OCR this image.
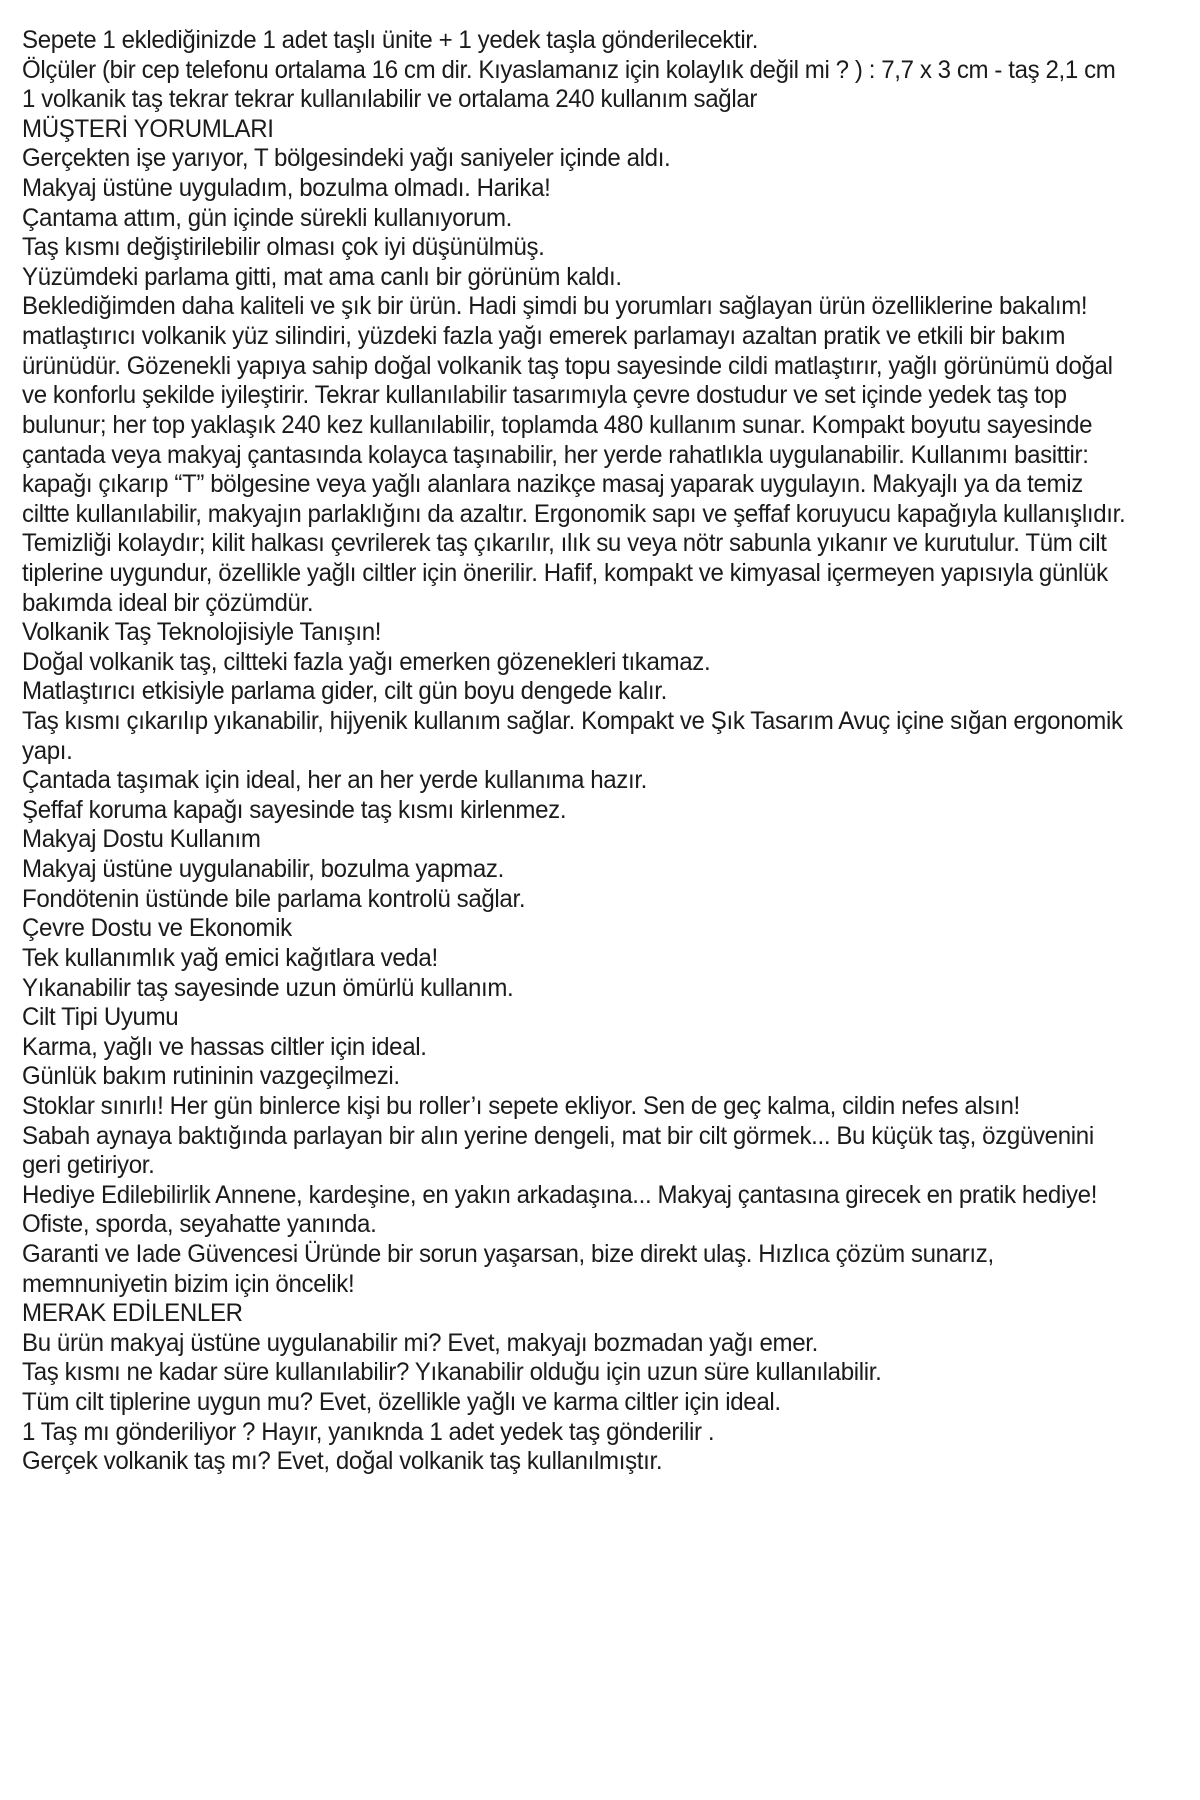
Sepete 1 eklediğinizde 1 adet taşlı ünite + 1 yedek taşla gönderilecektir.

Ölçüler (bir cep telefonu ortalama 16 cm dir. Kıyaslamanız için kolaylık değil mi ? ) : 7,7 x 3 cm - taş 2,1 cm

1 volkanik taş tekrar tekrar kullanılabilir ve ortalama 240 kullanım sağlar

MÜŞTERİ YORUMLARI

Gerçekten işe yarıyor, T bölgesindeki yağı saniyeler içinde aldı.

Makyaj üstüne uyguladım, bozulma olmadı. Harika!

Çantama attım, gün içinde sürekli kullanıyorum.

Taş kısmı değiştirilebilir olması çok iyi düşünülmüş.

Yüzümdeki parlama gitti, mat ama canlı bir görünüm kaldı.

Beklediğimden daha kaliteli ve şık bir ürün. Hadi şimdi bu yorumları sağlayan ürün özelliklerine bakalım!

matlaştırıcı volkanik yüz silindiri, yüzdeki fazla yağı emerek parlamayı azaltan pratik ve etkili bir bakım ürünüdür. Gözenekli yapıya sahip doğal volkanik taş topu sayesinde cildi matlaştırır, yağlı görünümü doğal ve konforlu şekilde iyileştirir. Tekrar kullanılabilir tasarımıyla çevre dostudur ve set içinde yedek taş top bulunur; her top yaklaşık 240 kez kullanılabilir, toplamda 480 kullanım sunar. Kompakt boyutu sayesinde çantada veya makyaj çantasında kolayca taşınabilir, her yerde rahatlıkla uygulanabilir. Kullanımı basittir: kapağı çıkarıp “T” bölgesine veya yağlı alanlara nazikçe masaj yaparak uygulayın. Makyajlı ya da temiz ciltte kullanılabilir, makyajın parlaklığını da azaltır. Ergonomik sapı ve şeffaf koruyucu kapağıyla kullanışlıdır. Temizliği kolaydır; kilit halkası çevrilerek taş çıkarılır, ılık su veya nötr sabunla yıkanır ve kurutulur. Tüm cilt tiplerine uygundur, özellikle yağlı ciltler için önerilir. Hafif, kompakt ve kimyasal içermeyen yapısıyla günlük bakımda ideal bir çözümdür.

Volkanik Taş Teknolojisiyle Tanışın!

Doğal volkanik taş, ciltteki fazla yağı emerken gözenekleri tıkamaz.

Matlaştırıcı etkisiyle parlama gider, cilt gün boyu dengede kalır.

Taş kısmı çıkarılıp yıkanabilir, hijyenik kullanım sağlar. Kompakt ve Şık Tasarım Avuç içine sığan ergonomik yapı.

Çantada taşımak için ideal, her an her yerde kullanıma hazır.

Şeffaf koruma kapağı sayesinde taş kısmı kirlenmez.

Makyaj Dostu Kullanım

Makyaj üstüne uygulanabilir, bozulma yapmaz.

Fondötenin üstünde bile parlama kontrolü sağlar.

Çevre Dostu ve Ekonomik

Tek kullanımlık yağ emici kağıtlara veda!

Yıkanabilir taş sayesinde uzun ömürlü kullanım.

Cilt Tipi Uyumu

Karma, yağlı ve hassas ciltler için ideal.

Günlük bakım rutininin vazgeçilmezi.

Stoklar sınırlı! Her gün binlerce kişi bu roller’ı sepete ekliyor. Sen de geç kalma, cildin nefes alsın!

Sabah aynaya baktığında parlayan bir alın yerine dengeli, mat bir cilt görmek... Bu küçük taş, özgüvenini geri getiriyor.

Hediye Edilebilirlik Annene, kardeşine, en yakın arkadaşına... Makyaj çantasına girecek en pratik hediye! Ofiste, sporda, seyahatte yanında.

Garanti ve Iade Güvencesi Üründe bir sorun yaşarsan, bize direkt ulaş. Hızlıca çözüm sunarız, memnuniyetin bizim için öncelik!

MERAK EDİLENLER

Bu ürün makyaj üstüne uygulanabilir mi? Evet, makyajı bozmadan yağı emer.

Taş kısmı ne kadar süre kullanılabilir? Yıkanabilir olduğu için uzun süre kullanılabilir.

Tüm cilt tiplerine uygun mu? Evet, özellikle yağlı ve karma ciltler için ideal.

1 Taş mı gönderiliyor ? Hayır, yanıknda 1 adet yedek taş gönderilir .

Gerçek volkanik taş mı? Evet, doğal volkanik taş kullanılmıştır.
